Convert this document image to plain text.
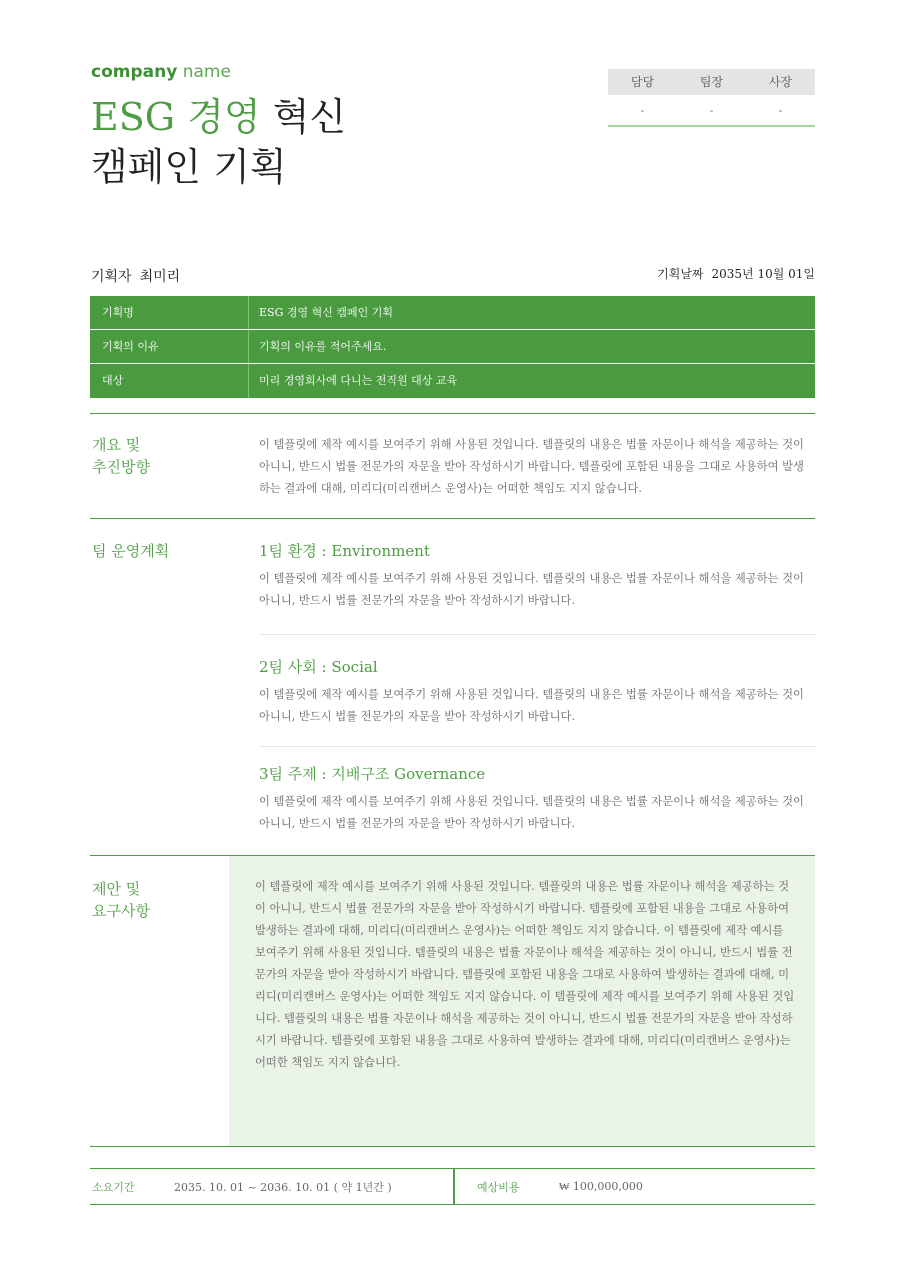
company name
ESG 경영 혁신
캠페인 기획
담당	팀장	사장
-	-	-
기획자 최미리	기획날짜 2035년 10월 01일
기획명	ESG 경영 혁신 캠페인 기획
기획의 이유	기획의 이유를 적어주세요.
대상	미리 경영회사에 다니는 전직원 대상 교육
개요 및
추진방향

이 템플릿에 제작 예시를 보여주기 위해 사용된 것입니다. 템플릿의 내용은 법률 자문이나 해석을 제공하는 것이 아니니, 반드시 법률 전문가의 자문을 받아 작성하시기 바랍니다. 템플릿에 포함된 내용을 그대로 사용하여 발생하는 결과에 대해, 미리디(미리캔버스 운영사)는 어떠한 책임도 지지 않습니다.

팀 운영계획	1팀 환경 : Environment

이 템플릿에 제작 예시를 보여주기 위해 사용된 것입니다. 템플릿의 내용은 법률 자문이나 해석을 제공하는 것이 아니니, 반드시 법률 전문가의 자문을 받아 작성하시기 바랍니다.

2팀 사회 : Social

이 템플릿에 제작 예시를 보여주기 위해 사용된 것입니다. 템플릿의 내용은 법률 자문이나 해석을 제공하는 것이 아니니, 반드시 법률 전문가의 자문을 받아 작성하시기 바랍니다.

3팀 주제 : 지배구조 Governance

이 템플릿에 제작 예시를 보여주기 위해 사용된 것입니다. 템플릿의 내용은 법률 자문이나 해석을 제공하는 것이 아니니, 반드시 법률 전문가의 자문을 받아 작성하시기 바랍니다.

제안 및
요구사항

이 템플릿에 제작 예시를 보여주기 위해 사용된 것입니다. 템플릿의 내용은 법률 자문이나 해석을 제공하는 것이 아니니, 반드시 법률 전문가의 자문을 받아 작성하시기 바랍니다. 템플릿에 포함된 내용을 그대로 사용하여 발생하는 결과에 대해, 미리디(미리캔버스 운영사)는 어떠한 책임도 지지 않습니다. 이 템플릿에 제작 예시를 보여주기 위해 사용된 것입니다. 템플릿의 내용은 법률 자문이나 해석을 제공하는 것이 아니니, 반드시 법률 전문가의 자문을 받아 작성하시기 바랍니다. 템플릿에 포함된 내용을 그대로 사용하여 발생하는 결과에 대해, 미리디(미리캔버스 운영사)는 어떠한 책임도 지지 않습니다. 이 템플릿에 제작 예시를 보여주기 위해 사용된 것입니다. 템플릿의 내용은 법률 자문이나 해석을 제공하는 것이 아니니, 반드시 법률 전문가의 자문을 받아 작성하시기 바랍니다. 템플릿에 포함된 내용을 그대로 사용하여 발생하는 결과에 대해, 미리디(미리캔버스 운영사)는 어떠한 책임도 지지 않습니다.

소요기간	2035. 10. 01 ~ 2036. 10. 01 ( 약 1년간 )	예상비용	₩ 100,000,000
